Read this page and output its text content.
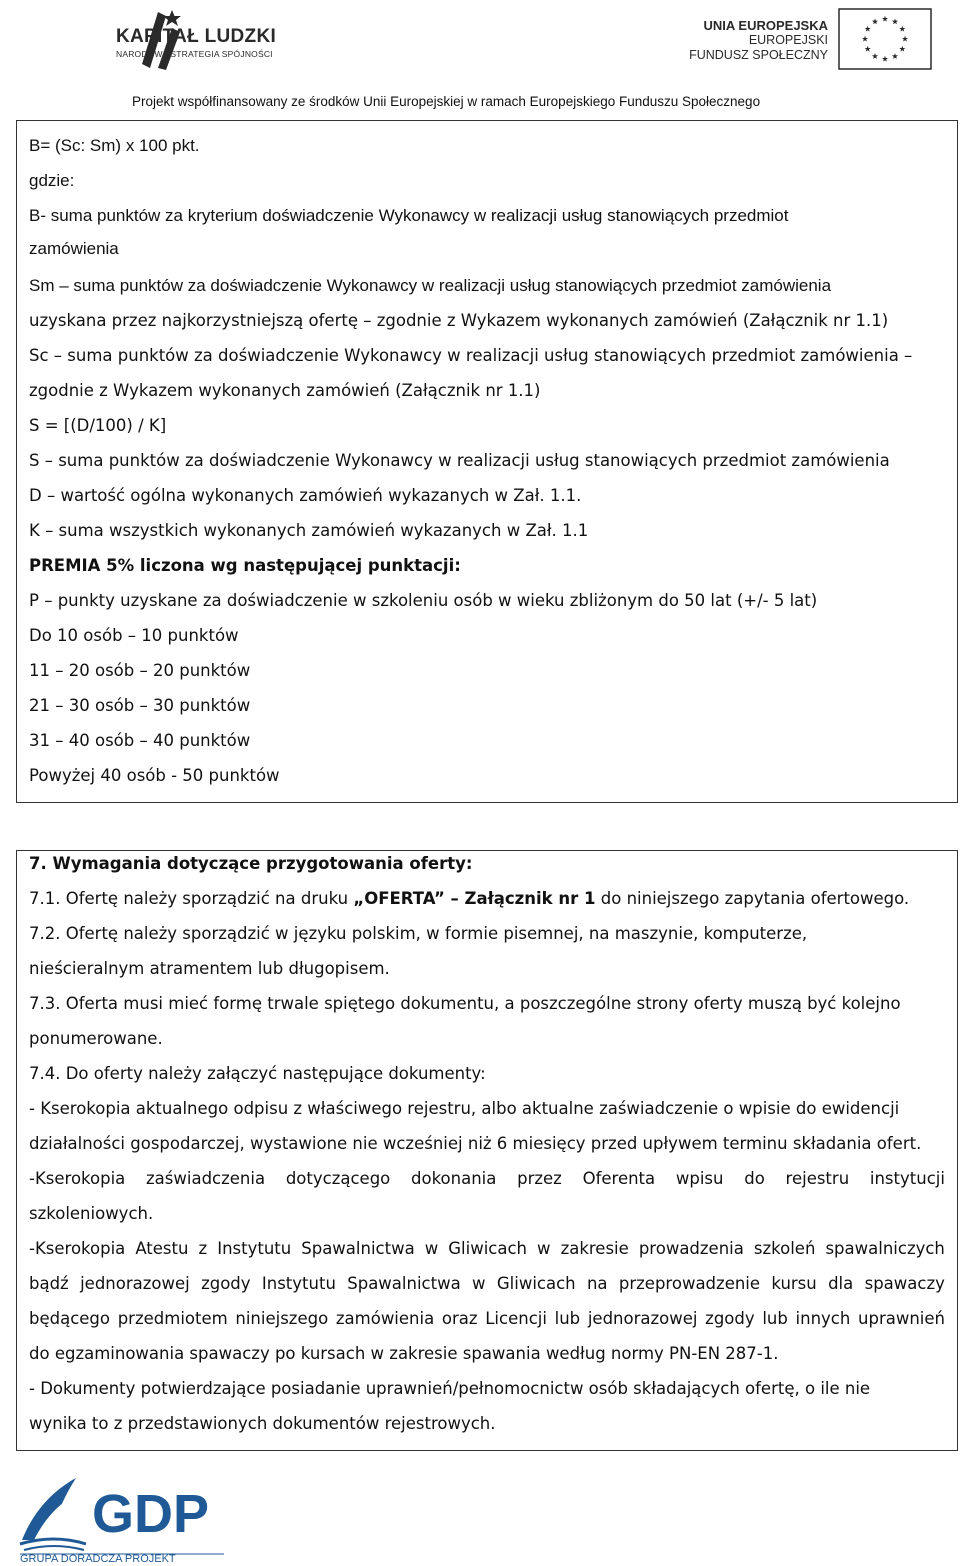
KAPITAŁ LUDZKI
NARODOWA STRATEGIA SPÓJNOŚCI
UNIA EUROPEJSKA
EUROPEJSKI
FUNDUSZ SPOŁECZNY
Projekt współfinansowany ze środków Unii Europejskiej w ramach Europejskiego Funduszu Społecznego
B= (Sc: Sm) x 100 pkt.
gdzie:
B- suma punktów za kryterium doświadczenie Wykonawcy w realizacji usług stanowiących przedmiot
zamówienia
Sm – suma punktów za doświadczenie Wykonawcy w realizacji usług stanowiących przedmiot zamówienia
uzyskana przez najkorzystniejszą ofertę – zgodnie z Wykazem wykonanych zamówień (Załącznik nr 1.1)
Sc – suma punktów za doświadczenie Wykonawcy w realizacji usług stanowiących przedmiot zamówienia –
zgodnie z Wykazem wykonanych zamówień (Załącznik nr 1.1)
S = [(D/100) / K]
S – suma punktów za doświadczenie Wykonawcy w realizacji usług stanowiących przedmiot zamówienia
D – wartość ogólna wykonanych zamówień wykazanych w Zał. 1.1.
K – suma wszystkich wykonanych zamówień wykazanych w Zał. 1.1
PREMIA 5% liczona wg następującej punktacji:
P – punkty uzyskane za doświadczenie w szkoleniu osób w wieku zbliżonym do 50 lat (+/- 5 lat)
Do 10 osób – 10 punktów
11 – 20 osób – 20 punktów
21 – 30 osób – 30 punktów
31 – 40 osób – 40 punktów
Powyżej 40 osób - 50 punktów
7. Wymagania dotyczące przygotowania oferty:
7.1. Ofertę należy sporządzić na druku „OFERTA” – Załącznik nr 1 do niniejszego zapytania ofertowego.
7.2. Ofertę należy sporządzić w języku polskim, w formie pisemnej, na maszynie, komputerze,
nieścieralnym atramentem lub długopisem.
7.3. Oferta musi mieć formę trwale spiętego dokumentu, a poszczególne strony oferty muszą być kolejno
ponumerowane.
7.4. Do oferty należy załączyć następujące dokumenty:
- Kserokopia aktualnego odpisu z właściwego rejestru, albo aktualne zaświadczenie o wpisie do ewidencji
działalności gospodarczej, wystawione nie wcześniej niż 6 miesięcy przed upływem terminu składania ofert.
-Kserokopia zaświadczenia dotyczącego dokonania przez Oferenta wpisu do rejestru instytucji
szkoleniowych.
-Kserokopia Atestu z Instytutu Spawalnictwa w Gliwicach w zakresie prowadzenia szkoleń spawalniczych
bądź jednorazowej zgody Instytutu Spawalnictwa w Gliwicach na przeprowadzenie kursu dla spawaczy
będącego przedmiotem niniejszego zamówienia oraz Licencji lub jednorazowej zgody lub innych uprawnień
do egzaminowania spawaczy po kursach w zakresie spawania według normy PN-EN 287-1.
- Dokumenty potwierdzające posiadanie uprawnień/pełnomocnictw osób składających ofertę, o ile nie
wynika to z przedstawionych dokumentów rejestrowych.
GDP
GRUPA DORADCZA PROJEKT
